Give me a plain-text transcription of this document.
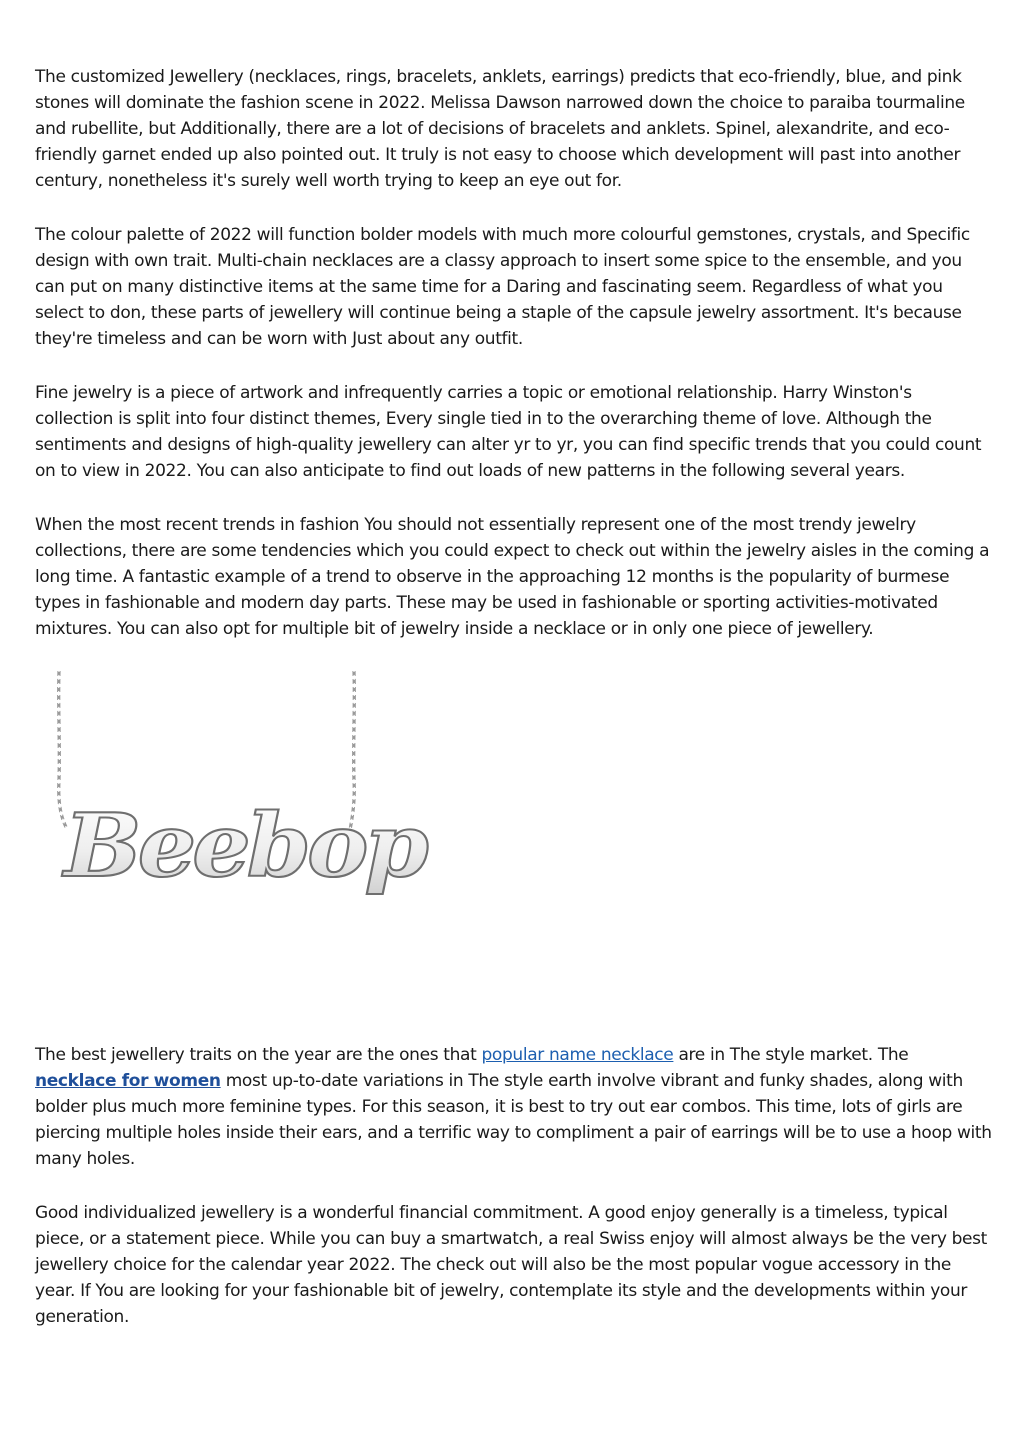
The customized Jewellery (necklaces, rings, bracelets, anklets, earrings) predicts that eco-friendly, blue, and pink stones will dominate the fashion scene in 2022. Melissa Dawson narrowed down the choice to paraiba tourmaline and rubellite, but Additionally, there are a lot of decisions of bracelets and anklets. Spinel, alexandrite, and eco-friendly garnet ended up also pointed out. It truly is not easy to choose which development will past into another century, nonetheless it's surely well worth trying to keep an eye out for.

The colour palette of 2022 will function bolder models with much more colourful gemstones, crystals, and Specific design with own trait. Multi-chain necklaces are a classy approach to insert some spice to the ensemble, and you can put on many distinctive items at the same time for a Daring and fascinating seem. Regardless of what you select to don, these parts of jewellery will continue being a staple of the capsule jewelry assortment. It's because they're timeless and can be worn with Just about any outfit.

Fine jewelry is a piece of artwork and infrequently carries a topic or emotional relationship. Harry Winston's collection is split into four distinct themes, Every single tied in to the overarching theme of love. Although the sentiments and designs of high-quality jewellery can alter yr to yr, you can find specific trends that you could count on to view in 2022. You can also anticipate to find out loads of new patterns in the following several years.

When the most recent trends in fashion You should not essentially represent one of the most trendy jewelry collections, there are some tendencies which you could expect to check out within the jewelry aisles in the coming a long time. A fantastic example of a trend to observe in the approaching 12 months is the popularity of burmese types in fashionable and modern day parts. These may be used in fashionable or sporting activities-motivated mixtures. You can also opt for multiple bit of jewelry inside a necklace or in only one piece of jewellery.

The best jewellery traits on the year are the ones that popular name necklace are in The style market. The
necklace for women most up-to-date variations in The style earth involve vibrant and funky shades, along with bolder plus much more feminine types. For this season, it is best to try out ear combos. This time, lots of girls are piercing multiple holes inside their ears, and a terrific way to compliment a pair of earrings will be to use a hoop with many holes.

Good individualized jewellery is a wonderful financial commitment. A good enjoy generally is a timeless, typical piece, or a statement piece. While you can buy a smartwatch, a real Swiss enjoy will almost always be the very best jewellery choice for the calendar year 2022. The check out will also be the most popular vogue accessory in the year. If You are looking for your fashionable bit of jewelry, contemplate its style and the developments within your generation.

Beebop
